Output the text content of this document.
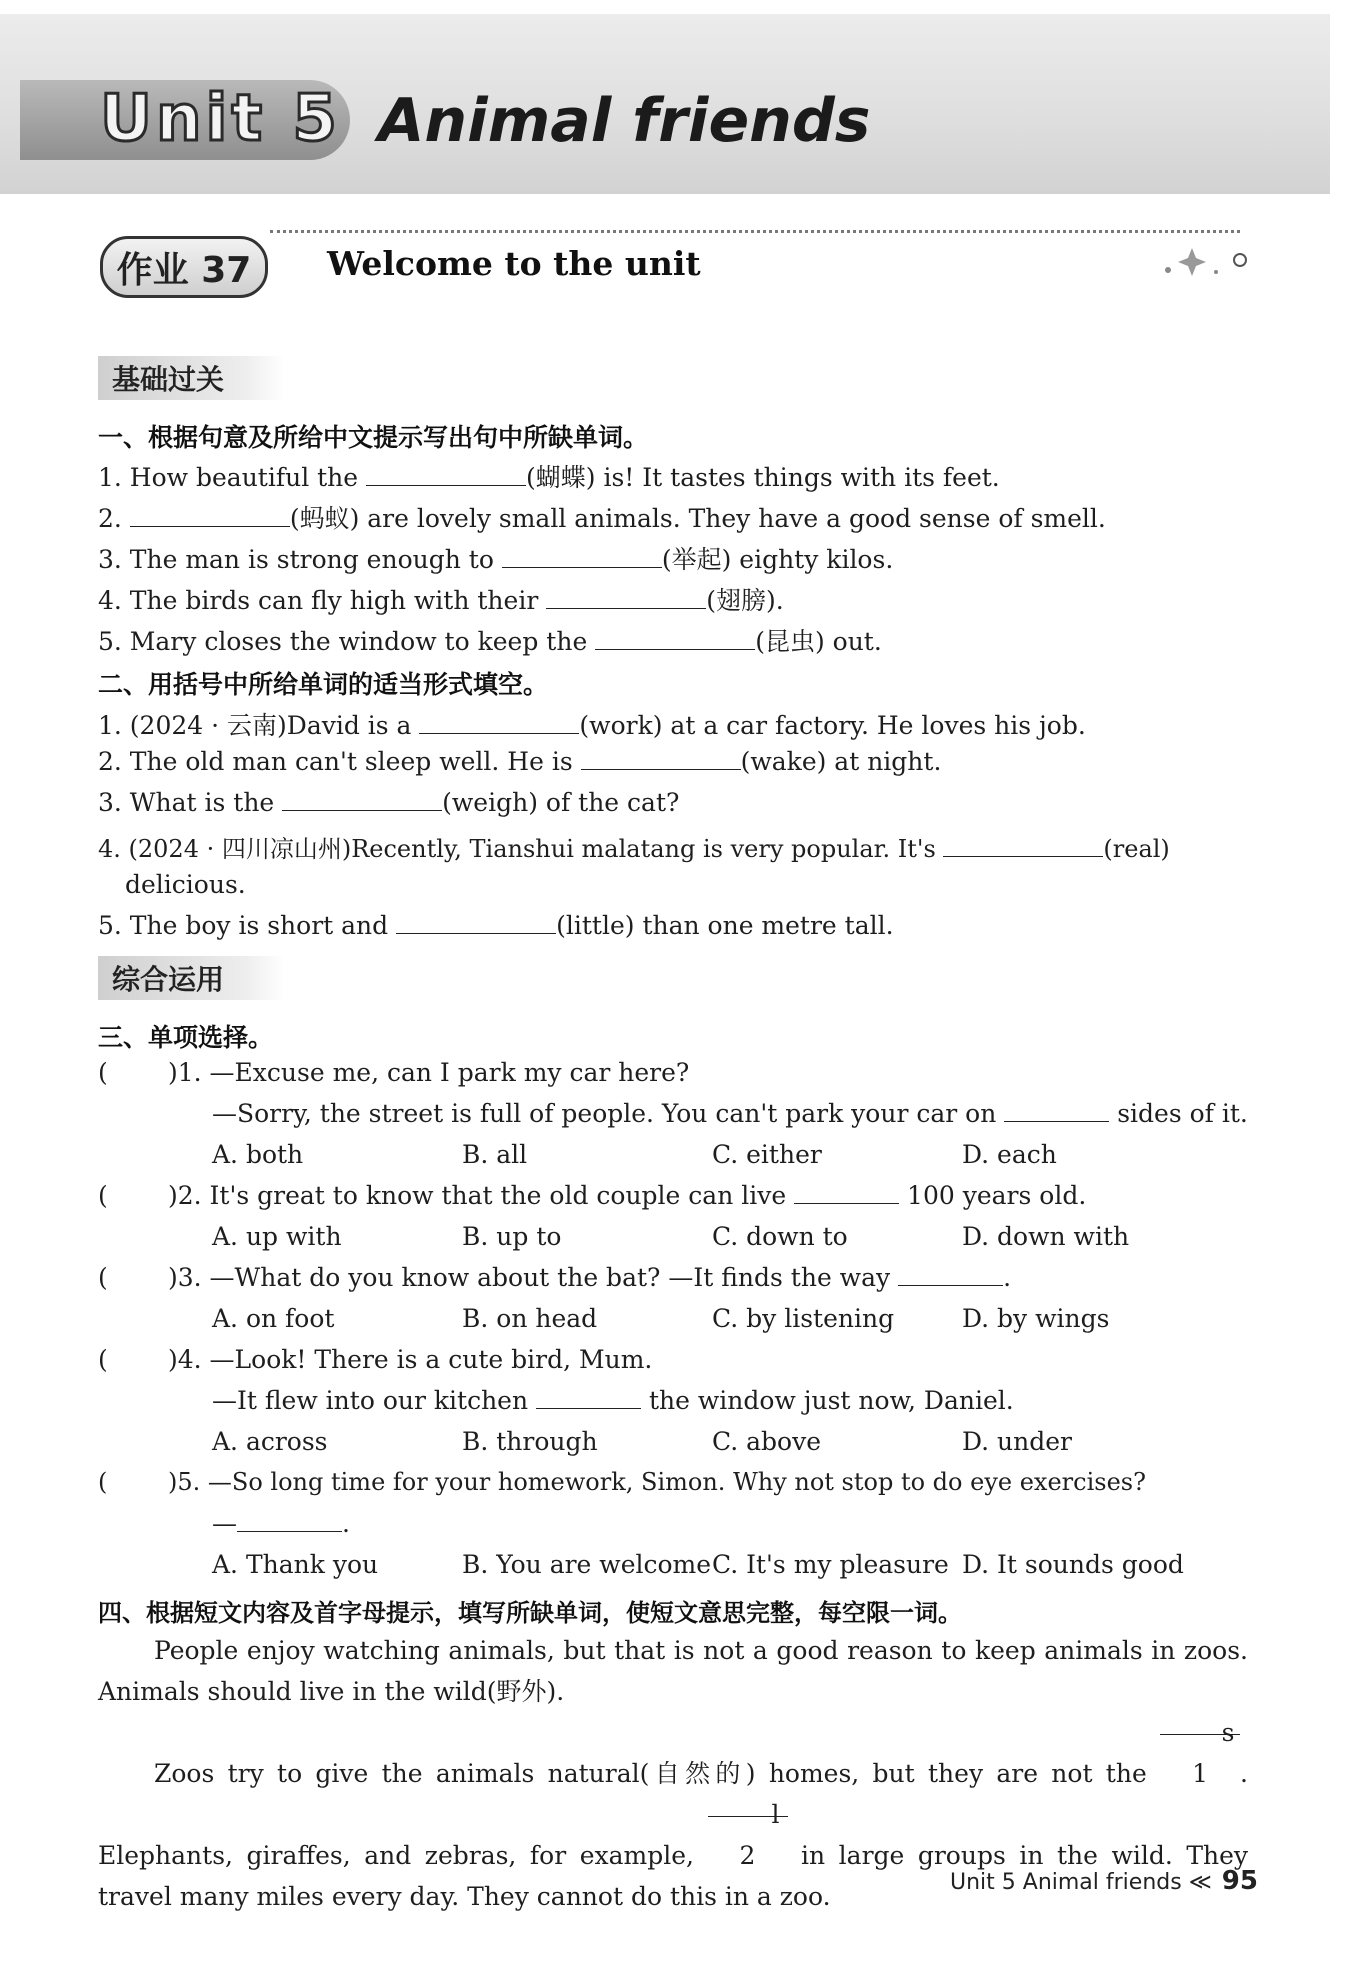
Unit 5 Animal friends
作业 37	Welcome to the unit
基础过关
一、根据句意及所给中文提示写出句中所缺单词。
1. How beautiful the	(蝴蝶) is! It tastes things with its feet.
2.	(蚂蚁) are lovely small animals. They have a good sense of smell.
3. The man is strong enough to	(举起) eighty kilos.
4. The birds can fly high with their	(翅膀).
5. Mary closes the window to keep the	(昆虫) out.
二、用括号中所给单词的适当形式填空。
1. (2024 · 云南)David is a	(work) at a car factory. He loves his job.
2. The old man can't sleep well. He is	(wake) at night.
3. What is the	(weigh) of the cat?
4. (2024 · 四川凉山州)Recently, Tianshui malatang is very popular. It's	(real)
delicious.
5. The boy is short and	(little) than one metre tall.
综合运用
三、单项选择。
( )1. —Excuse me, can I park my car here?
—Sorry, the street is full of people. You can't park your car on	sides of it.
A. both	B. all	C. either	D. each
( )2. It's great to know that the old couple can live	100 years old.
A. up with	B. up to	C. down to	D. down with
( )3. —What do you know about the bat? —It finds the way	.
A. on foot	B. on head	C. by listening	D. by wings
( )4. —Look! There is a cute bird, Mum.
—It flew into our kitchen	the window just now, Daniel.
A. across	B. through	C. above	D. under
(	)5. —So long time for your homework, Simon. Why not stop to do eye exercises?
—	.
A. Thank you	B. You are welcome C. It's my pleasure D. It sounds good
四、根据短文内容及首字母提示，填写所缺单词，使短文意思完整，每空限一词。
People enjoy watching animals, but that is not a good reason to keep animals in zoos. Animals should live in the wild(野外).
Zoos try to give the animals natural(自然的) homes, but they are not the s 1 . Elephants, giraffes, and zebras, for example, l 2 in large groups in the wild. They travel many miles every day. They cannot do this in a zoo.	Unit 5 Animal friends ≪ 95
